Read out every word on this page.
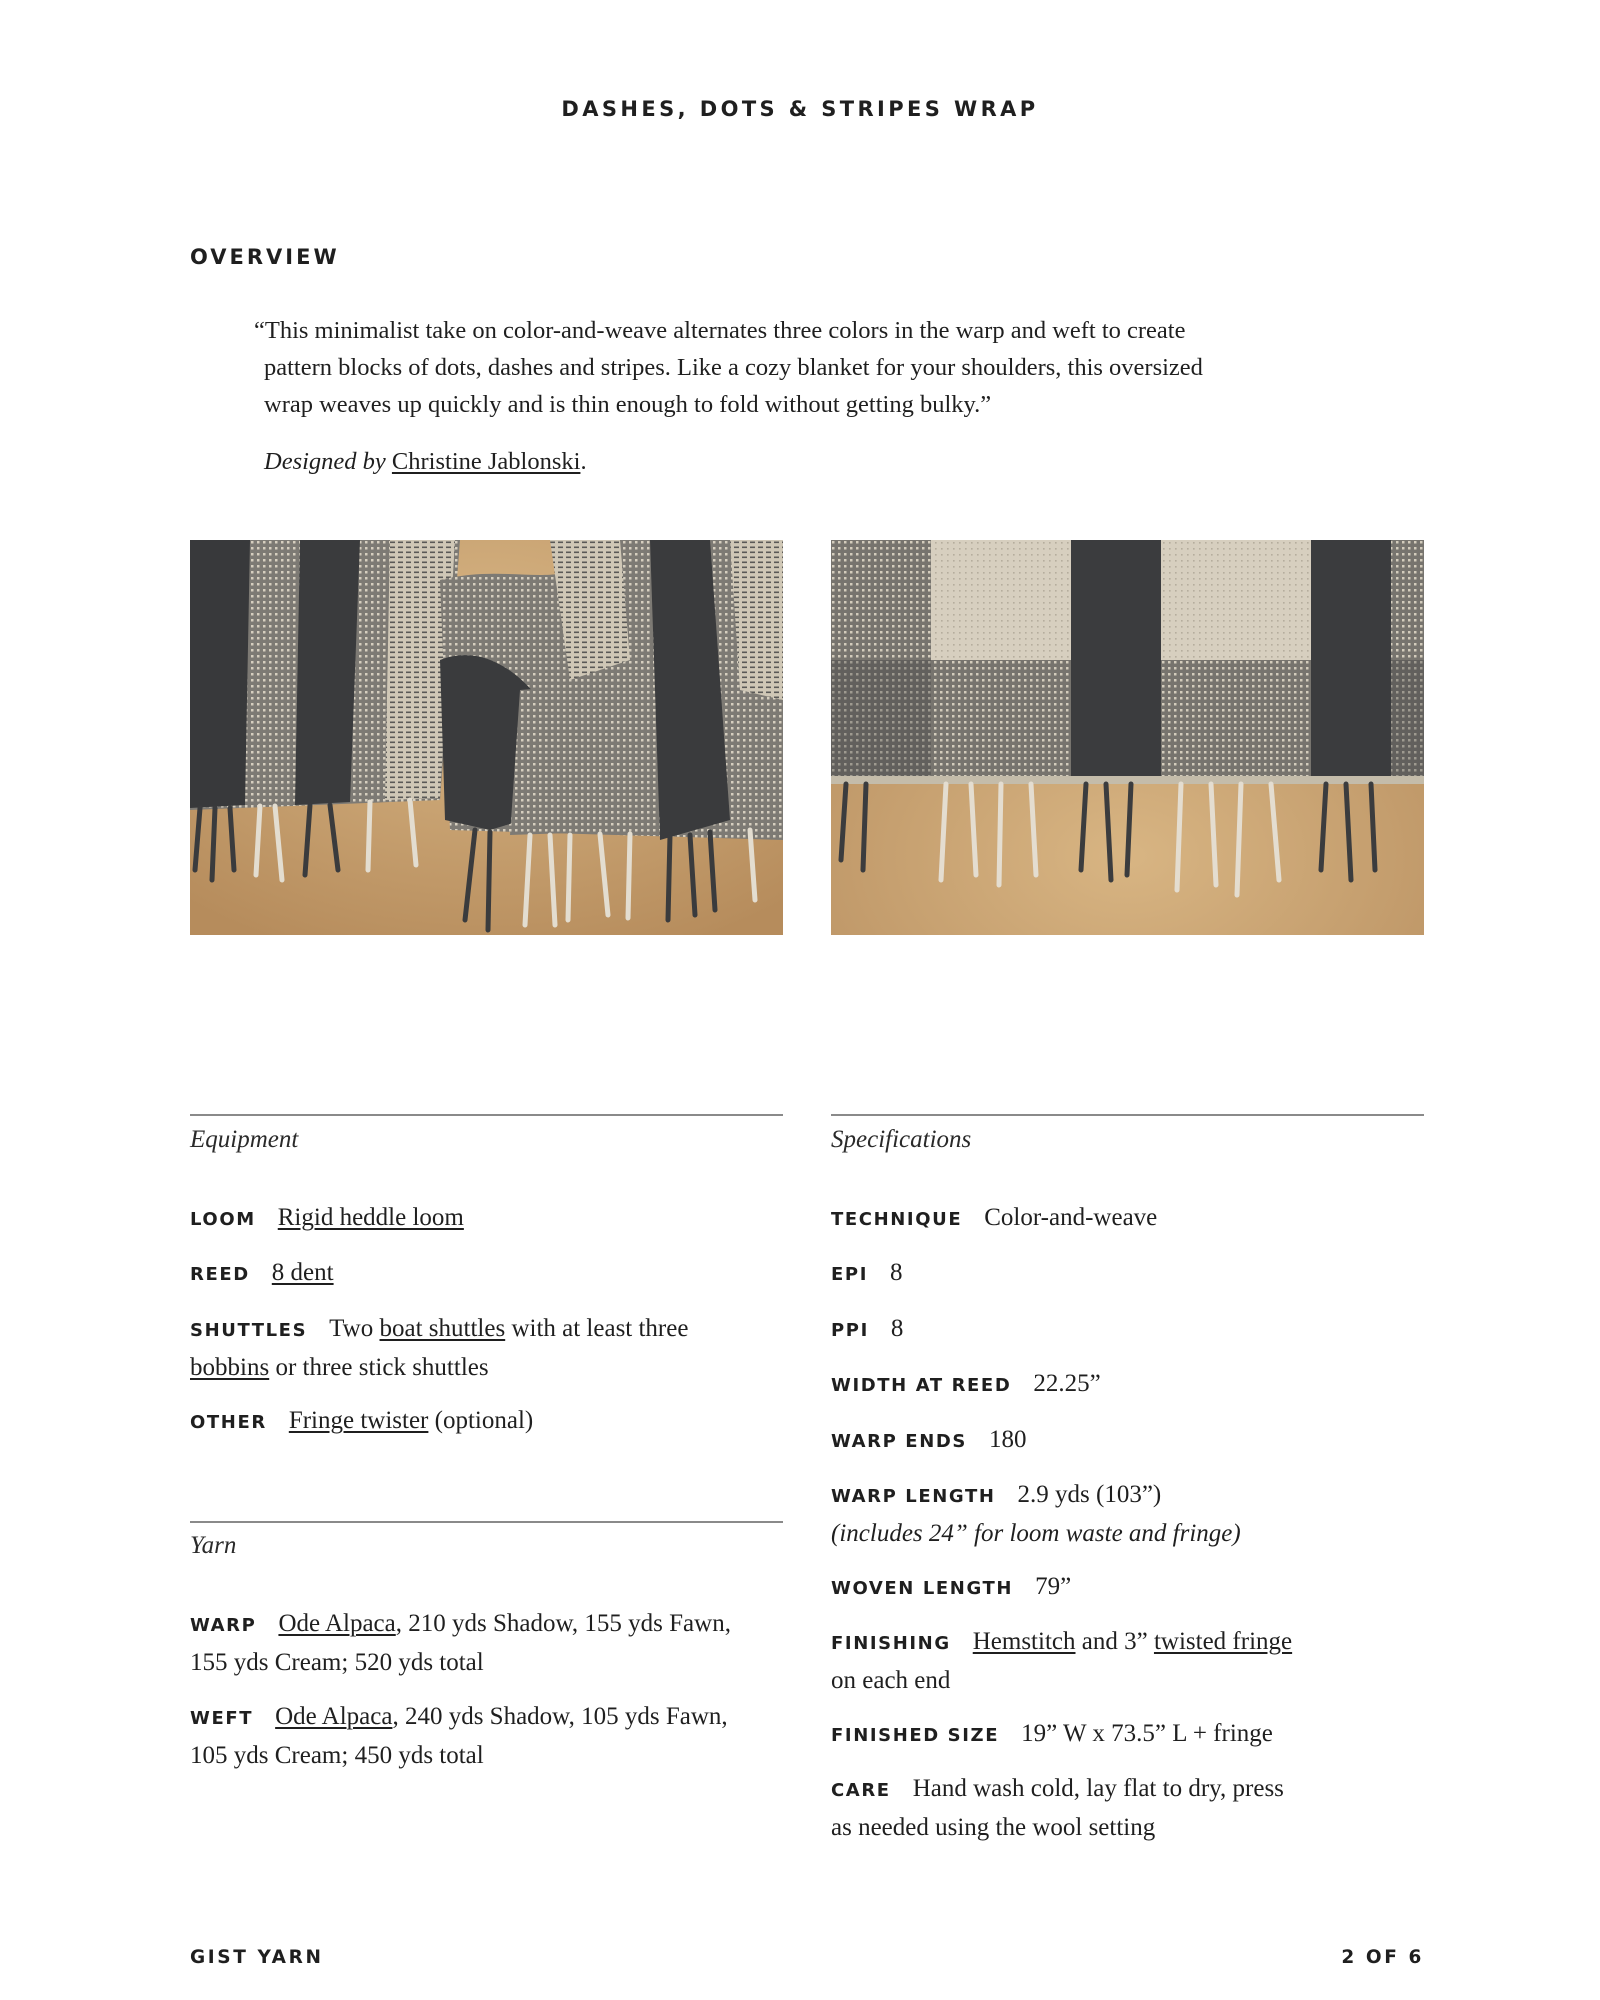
DASHES, DOTS & STRIPES WRAP
OVERVIEW
“This minimalist take on color-and-weave alternates three colors in the warp and weft to create
pattern blocks of dots, dashes and stripes. Like a cozy blanket for your shoulders, this oversized
wrap weaves up quickly and is thin enough to fold without getting bulky.”
Designed by Christine Jablonski.
Equipment
LOOM Rigid heddle loom
REED 8 dent
SHUTTLES Two boat shuttles with at least three
bobbins or three stick shuttles
OTHER Fringe twister (optional)
Yarn
WARP Ode Alpaca, 210 yds Shadow, 155 yds Fawn,
155 yds Cream; 520 yds total
WEFT Ode Alpaca, 240 yds Shadow, 105 yds Fawn,
105 yds Cream; 450 yds total
Specifications
TECHNIQUE Color-and-weave
EPI 8
PPI 8
WIDTH AT REED 22.25”
WARP ENDS 180
WARP LENGTH 2.9 yds (103”)
(includes 24” for loom waste and fringe)
WOVEN LENGTH 79”
FINISHING Hemstitch and 3” twisted fringe
on each end
FINISHED SIZE 19” W x 73.5” L + fringe
CARE Hand wash cold, lay flat to dry, press
as needed using the wool setting
GIST YARN	2 OF 6
